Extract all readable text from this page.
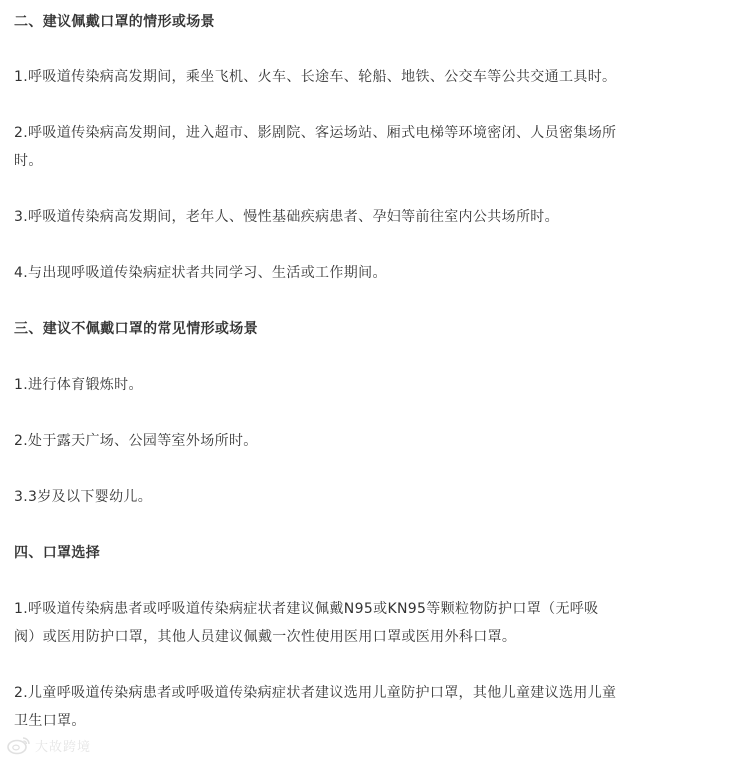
二、建议佩戴口罩的情形或场景
1.呼吸道传染病高发期间，乘坐飞机、火车、长途车、轮船、地铁、公交车等公共交通工具时。
2.呼吸道传染病高发期间，进入超市、影剧院、客运场站、厢式电梯等环境密闭、人员密集场所
时。
3.呼吸道传染病高发期间，老年人、慢性基础疾病患者、孕妇等前往室内公共场所时。
4.与出现呼吸道传染病症状者共同学习、生活或工作期间。
三、建议不佩戴口罩的常见情形或场景
1.进行体育锻炼时。
2.处于露天广场、公园等室外场所时。
3.3岁及以下婴幼儿。
四、口罩选择
1.呼吸道传染病患者或呼吸道传染病症状者建议佩戴N95或KN95等颗粒物防护口罩（无呼吸
阀）或医用防护口罩，其他人员建议佩戴一次性使用医用口罩或医用外科口罩。
2.儿童呼吸道传染病患者或呼吸道传染病症状者建议选用儿童防护口罩，其他儿童建议选用儿童
卫生口罩。
大故跨境
